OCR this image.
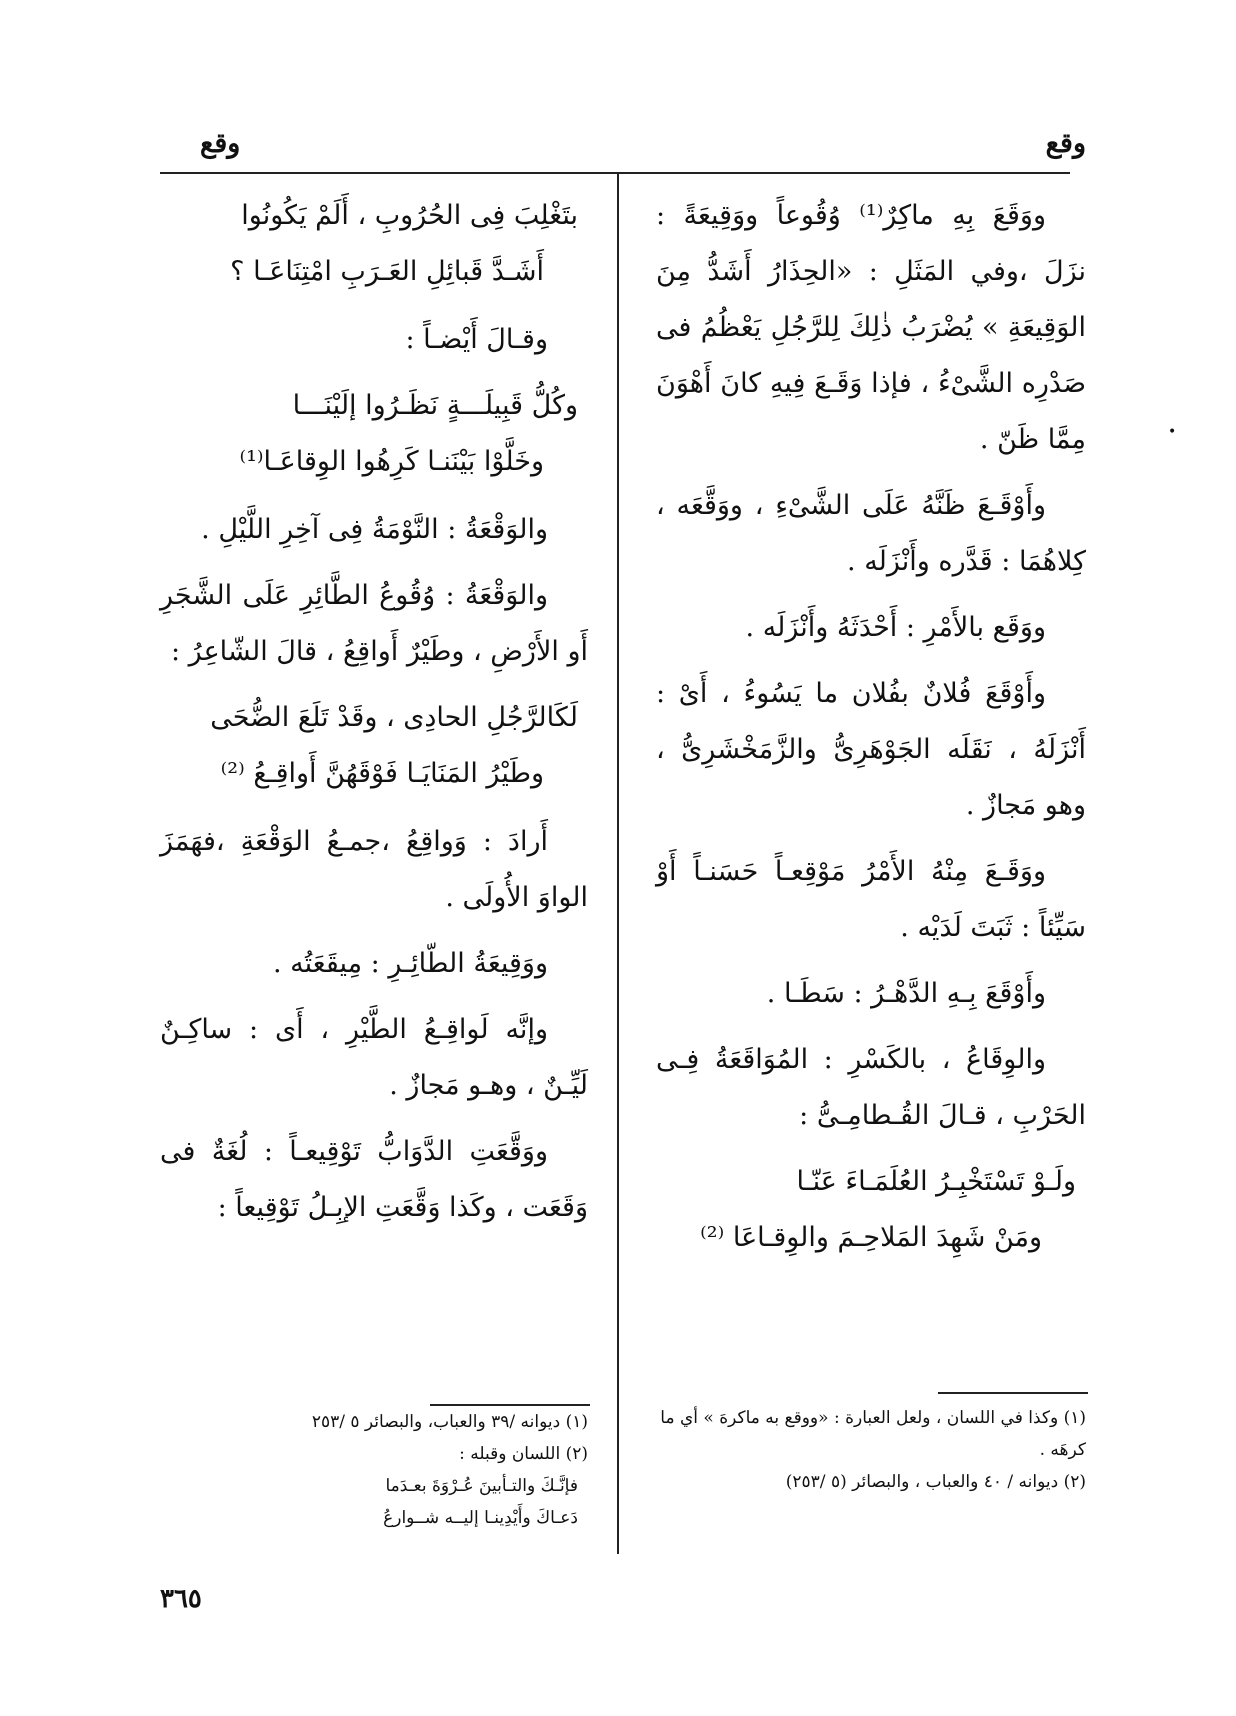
وقع
وقع

ووَقَعَ بِهِ ماكِرٌ⁽¹⁾ وُقُوعاً ووَقِيعَةً : نزَلَ ،وفي المَثَلِ : «الحِذَارُ أَشَدُّ مِنَ الوَقِيعَةِ » يُضْرَبُ ذٰلِكَ لِلرَّجُلِ يَعْظُمُ فى صَدْرِه الشَّىْءُ ، فإذا وَقَـعَ فِيهِ كانَ أَهْوَنَ مِمَّا ظَنّ .

وأَوْقَـعَ ظَنَّهُ عَلَى الشَّىْءِ ، ووَقَّعَه ، كِلاهُمَا : قَدَّره وأَنْزَلَه .

ووَقَع بالأَمْرِ : أَحْدَثَهُ وأَنْزَلَه .

وأَوْقَعَ فُلانٌ بفُلان ما يَسُوءُ ، أَىْ : أَنْزَلَهُ ، نَقَلَه الجَوْهَرِىُّ والزَّمَخْشَرِىُّ ، وهو مَجازٌ .

ووَقَـعَ مِنْهُ الأَمْرُ مَوْقِعـاً حَسَنـاً أَوْ سَيِّئاً : ثَبَتَ لَدَيْه .

وأَوْقَعَ بِـهِ الدَّهْـرُ : سَطَـا .

والوِقَاعُ ، بالكَسْرِ : المُوَاقَعَةُ فِـى الحَرْبِ ، قـالَ القُـطامِـىُّ :

ولَـوْ تَسْتَخْبِـرُ العُلَمَـاءَ عَنّـا

ومَنْ شَهِدَ المَلاحِـمَ والوِقـاعَا ⁽²⁾

بتَغْلِبَ فِى الحُرُوبِ ، أَلَمْ يَكُونُوا

أَشَـدَّ قَبائِلِ العَـرَبِ امْتِنَاعَـا ؟

وقـالَ أَيْضـاً :

وكُلُّ قَبِيلَـــةٍ نَظَـرُوا إلَيْنَـــا

وخَلَّوْا بَيْنَنـا كَرِهُوا الوِقاعَـا⁽¹⁾

والوَقْعَةُ : النَّوْمَةُ فِى آخِرِ اللَّيْلِ .

والوَقْعَةُ : وُقُوعُ الطَّائِرِ عَلَى الشَّجَرِ أَو الأَرْضِ ، وطَيْرٌ أَواقِعُ ، قالَ الشّاعِرُ :

لَكَالرَّجُلِ الحادِى ، وقَدْ تَلَعَ الضُّحَى

وطَيْرُ المَنَايَـا فَوْقَهُنَّ أَواقِـعُ ⁽²⁾

أَرادَ : وَواقِعُ ،جمـعُ الوَقْعَةِ ،فهَمَزَ الواوَ الأُولَى .

ووَقِيعَةُ الطّائِـرِ : مِيقَعَتُه .

وإنَّه لَواقِـعُ الطَّيْرِ ، أَى : ساكِـنٌ لَيِّـنٌ ، وهـو مَجازٌ .

ووَقَّعَتِ الدَّوَابُّ تَوْقِيعـاً : لُغَةٌ فى وَقَعَت ، وكَذا وَقَّعَتِ الإبِـلُ تَوْقِيعاً :

(١) وكذا في اللسان ، ولعل العبارة : «ووقع به ماكرهَ » أي ما كرهَه .

(٢) ديوانه / ٤٠ والعباب ، والبصائر (٥ /٢٥٣)

(١) ديوانه /٣٩ والعباب، والبصائر ٥ /٢٥٣

(٢) اللسان وقبله :

فإنَّـكَ والتـأبينَ عُـرْوَةَ بعـدَما

دَعـاكَ وأَيْدِينـا إليــه شــوارعُ

٣٦٥
•
